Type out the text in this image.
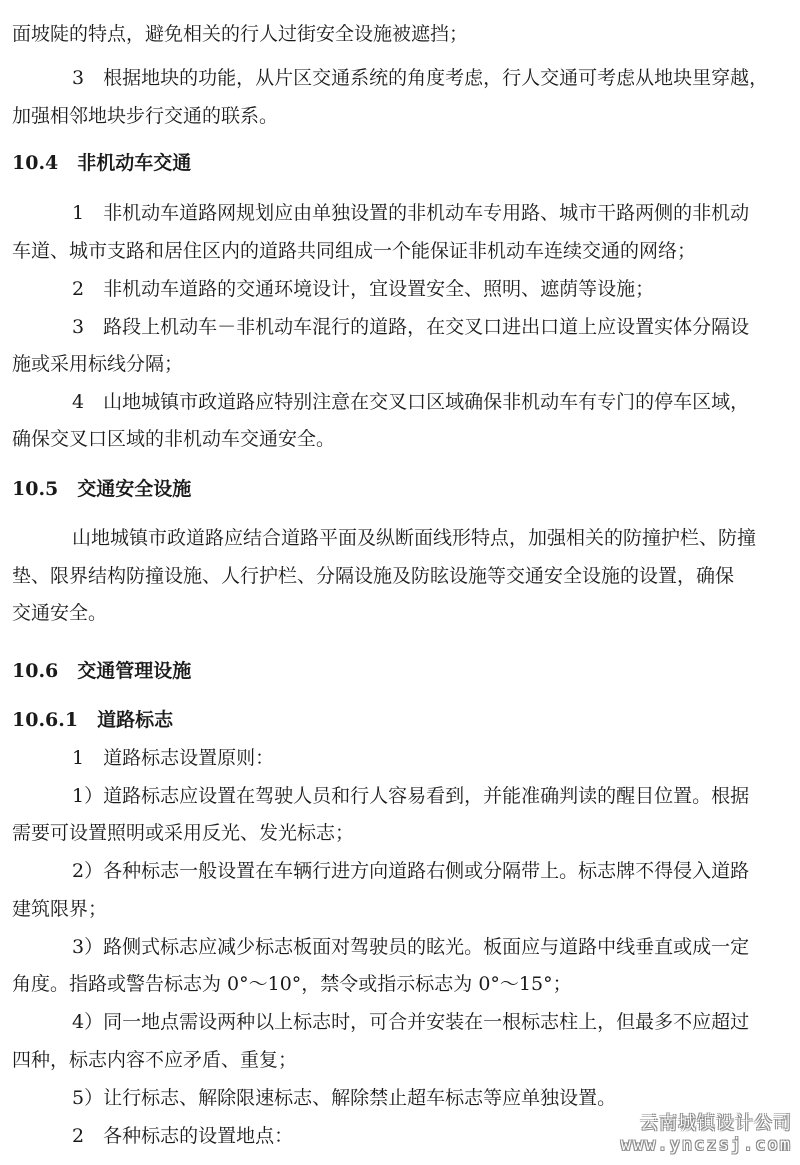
面坡陡的特点，避免相关的行人过街安全设施被遮挡；
3　根据地块的功能，从片区交通系统的角度考虑，行人交通可考虑从地块里穿越，
加强相邻地块步行交通的联系。
10.4　非机动车交通
1　非机动车道路网规划应由单独设置的非机动车专用路、城市干路两侧的非机动
车道、城市支路和居住区内的道路共同组成一个能保证非机动车连续交通的网络；
2　非机动车道路的交通环境设计，宜设置安全、照明、遮荫等设施；
3　路段上机动车－非机动车混行的道路，在交叉口进出口道上应设置实体分隔设
施或采用标线分隔；
4　山地城镇市政道路应特别注意在交叉口区域确保非机动车有专门的停车区域，
确保交叉口区域的非机动车交通安全。
10.5　交通安全设施
山地城镇市政道路应结合道路平面及纵断面线形特点，加强相关的防撞护栏、防撞
垫、限界结构防撞设施、人行护栏、分隔设施及防眩设施等交通安全设施的设置，确保
交通安全。
10.6　交通管理设施
10.6.1　道路标志
1　道路标志设置原则：
1）道路标志应设置在驾驶人员和行人容易看到，并能准确判读的醒目位置。根据
需要可设置照明或采用反光、发光标志；
2）各种标志一般设置在车辆行进方向道路右侧或分隔带上。标志牌不得侵入道路
建筑限界；
3）路侧式标志应减少标志板面对驾驶员的眩光。板面应与道路中线垂直或成一定
角度。指路或警告标志为 0°～10°，禁令或指示标志为 0°～15°；
4）同一地点需设两种以上标志时，可合并安装在一根标志柱上，但最多不应超过
四种，标志内容不应矛盾、重复；
5）让行标志、解除限速标志、解除禁止超车标志等应单独设置。
2　各种标志的设置地点：
云南城镇设计公司
www.ynczsj.com
